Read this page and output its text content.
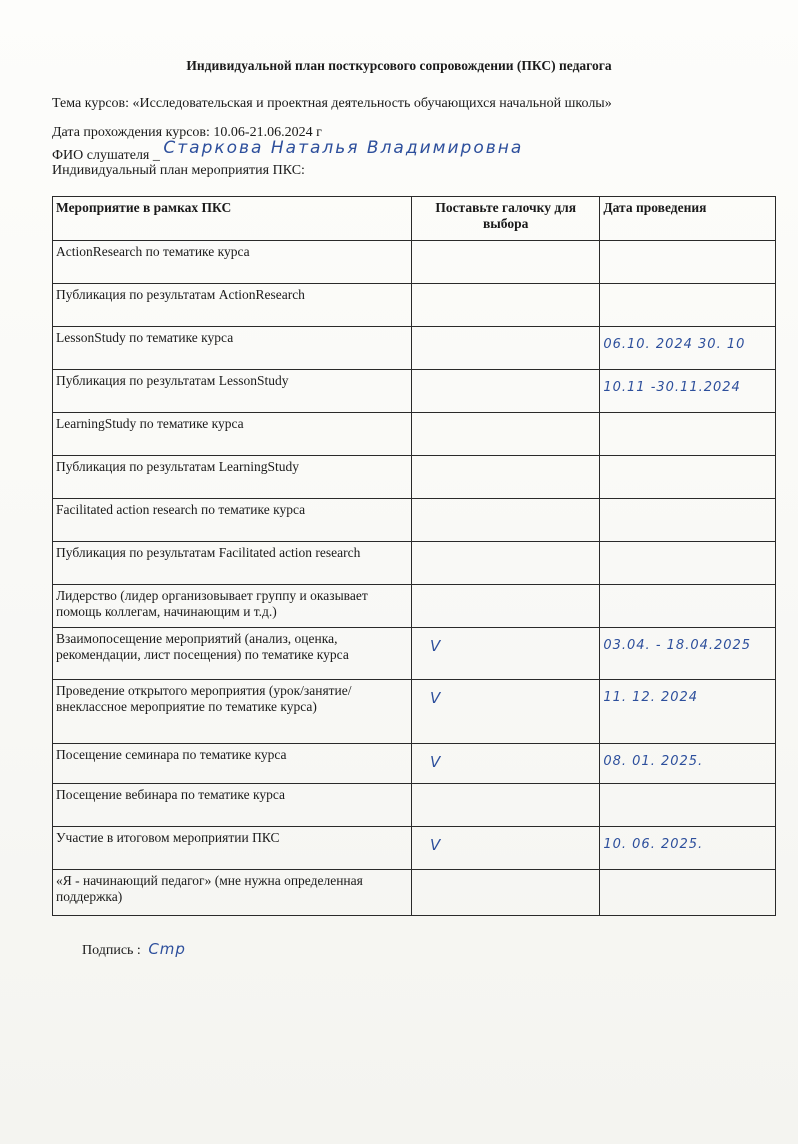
Индивидуальной план посткурсового сопровождении (ПКС) педагога
Тема курсов: «Исследовательская и проектная деятельность обучающихся начальной школы»
Дата прохождения курсов: 10.06-21.06.2024 г
ФИО слушателя _ Старкова Наталья Владимировна
Индивидуальный план мероприятия ПКС:
Мероприятие в рамках ПКС	Поставьте галочку для выбора	Дата проведения
ActionResearch по тематике курса		
Публикация по результатам ActionResearch		
LessonStudy по тематике курса		06.10. 2024 30. 10
Публикация по результатам LessonStudy		10.11 -30.11.2024
LearningStudy по тематике курса		
Публикация по результатам LearningStudy		
Facilitated action research по тематике курса		
Публикация по результатам Facilitated action research		
Лидерство (лидер организовывает группу и оказывает помощь коллегам, начинающим и т.д.)		
Взаимопосещение мероприятий (анализ, оценка, рекомендации, лист посещения) по тематике курса	V	03.04. - 18.04.2025
Проведение открытого мероприятия (урок/занятие/внеклассное мероприятие по тематике курса)	V	11. 12. 2024
Посещение семинара по тематике курса	V	08. 01. 2025.
Посещение вебинара по тематике курса		
Участие в итоговом мероприятии ПКС	V	10. 06. 2025.
«Я - начинающий педагог» (мне нужна определенная поддержка)		
Подпись : Cmp
